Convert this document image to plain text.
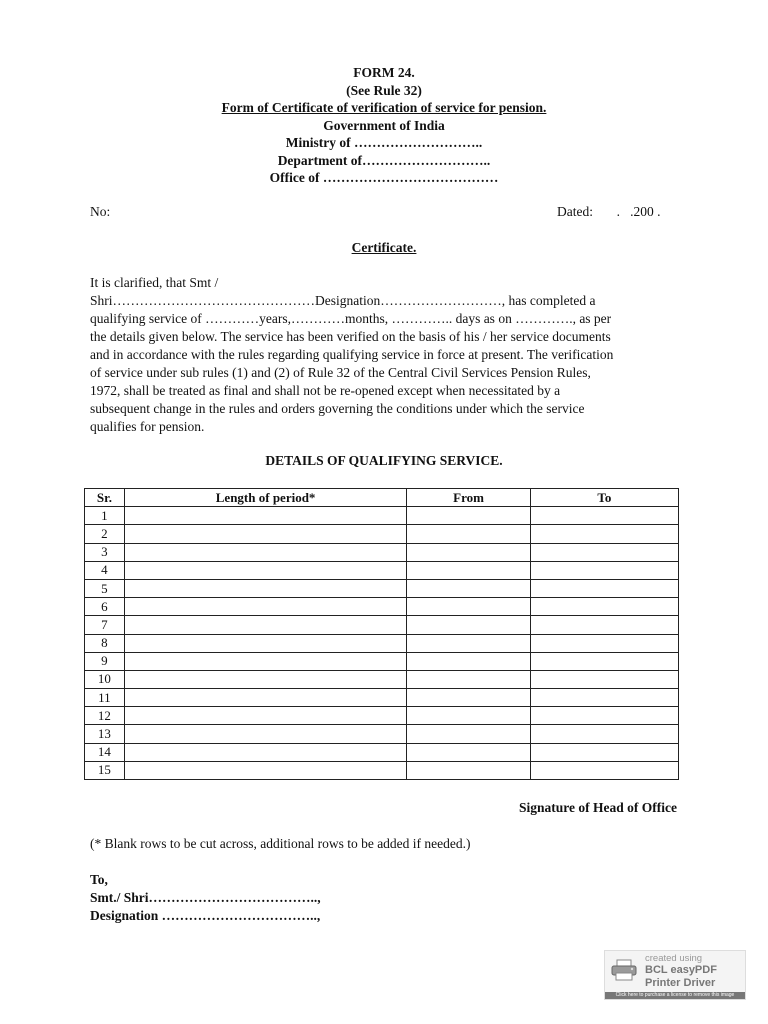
FORM 24.
(See Rule 32)
Form of Certificate of verification of service for pension.
Government of India
Ministry of ………………………..
Department of………………………..
Office of …………………………………
No:	Dated:       .   .200 .
Certificate.

It is clarified, that Smt /

Shri………………………………………Designation………………………, has completed a

qualifying service of …………years,…………months, ………….. days as on …………., as per

the details given below. The service has been verified on the basis of his / her service documents

and in accordance with the rules regarding qualifying service in force at present. The verification

of service under sub rules (1) and (2) of Rule 32 of the Central Civil Services Pension Rules,

1972, shall be treated as final and shall not be re-opened except when necessitated by a

subsequent change in the rules and orders governing the conditions under which the service

qualifies for pension.

DETAILS OF QUALIFYING SERVICE.
Sr.	Length of period*	From	To
1			
2			
3			
4			
5			
6			
7			
8			
9			
10			
11			
12			
13			
14			
15			
Signature of Head of Office
(* Blank rows to be cut across, additional rows to be added if needed.)

To,

Smt./ Shri………………………………..,

Designation ……………………………..,

created using
BCL easyPDF
Printer Driver
Click here to purchase a license to remove this image
